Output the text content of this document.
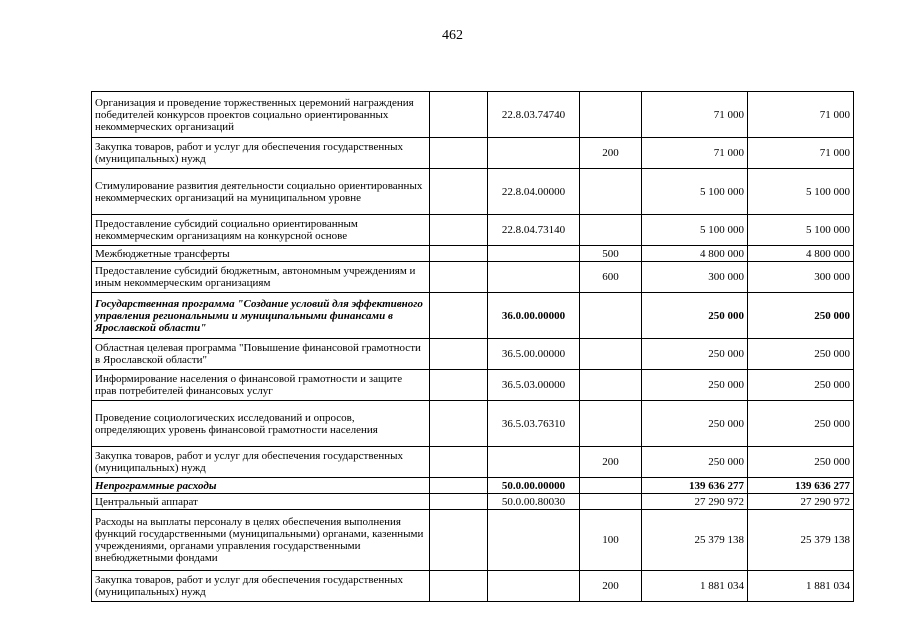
462
Организация и проведение торжественных церемоний награждения победителей конкурсов проектов социально ориентированных некоммерческих организаций		22.8.03.74740		71 000	71 000
Закупка товаров, работ и услуг для обеспечения государственных (муниципальных) нужд			200	71 000	71 000
Стимулирование развития деятельности социально ориентированных некоммерческих организаций на муниципальном уровне		22.8.04.00000		5 100 000	5 100 000
Предоставление субсидий социально ориентированным некоммерческим организациям на конкурсной основе		22.8.04.73140		5 100 000	5 100 000
Межбюджетные трансферты			500	4 800 000	4 800 000
Предоставление субсидий бюджетным, автономным учреждениям и иным некоммерческим организациям			600	300 000	300 000
Государственная программа "Создание условий для эффективного управления региональными и муниципальными финансами в Ярославской области"		36.0.00.00000		250 000	250 000
Областная целевая программа "Повышение финансовой грамотности в Ярославской области"		36.5.00.00000		250 000	250 000
Информирование населения о финансовой грамотности и защите прав потребителей финансовых услуг		36.5.03.00000		250 000	250 000
Проведение социологических исследований и опросов, определяющих уровень финансовой грамотности населения		36.5.03.76310		250 000	250 000
Закупка товаров, работ и услуг для обеспечения государственных (муниципальных) нужд			200	250 000	250 000
Непрограммные расходы		50.0.00.00000		139 636 277	139 636 277
Центральный аппарат		50.0.00.80030		27 290 972	27 290 972
Расходы на выплаты персоналу в целях обеспечения выполнения функций государственными (муниципальными) органами, казенными учреждениями, органами управления государственными внебюджетными фондами			100	25 379 138	25 379 138
Закупка товаров, работ и услуг для обеспечения государственных (муниципальных) нужд			200	1 881 034	1 881 034
